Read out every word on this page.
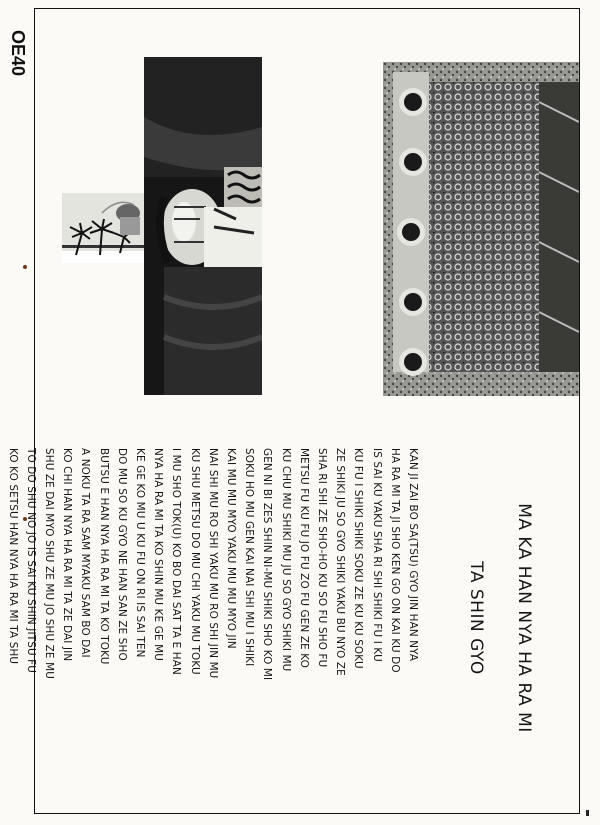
OE40

MA KA HAN NYA HA RA MI

TA SHIN GYO

KAN JI ZAI BO SA(TSU) GYO JIN HAN NYA
HA RA MI TA JI SHO KEN GO ON KAI KU DO
IS SAI KU YAKU SHA RI SHI SHIKI FU I KU
KU FU I SHIKI SHIKI SOKU ZE KU KU SOKU
ZE SHIKI JU SO GYO SHIKI YAKU BU NYO ZE
SHA RI SHI ZE SHO-HO KU SO FU SHO FU
METSU FU KU FU JO FU ZO FU GEN ZE KO
KU CHU MU SHIKI MU JU SO GYO SHIKI MU
GEN NI BI ZES SHIN NI-MU SHIKI SHO KO MI
SOKU HO MU GEN KAI NAI SHI MU I SHIKI
KAI MU MU MYO YAKU MU MU MYO JIN
NAI SHI MU RO SHI YAKU MU RO SHI JIN MU
KU SHU METSU DO MU CHI YAKU MU TOKU
I MU SHO TOK(U) KO BO DAI SAT TA E HAN
NYA HA RA MI TA KO SHIN MU KE GE MU
KE GE KO MU U KU FU ON RI IS SAI TEN
DO MU SO KU GYO NE HAN SAN ZE SHO
BUTSU E HAN NYA HA RA MI TA KO TOKU
A NOKU TA RA SAM MYAKU SAM BO DAI
KO CHI HAN NYA HA RA MI TA ZE DAI JIN
SHU ZE DAI MYO SHU ZE MU JO SHU ZE MU
TO DO SHU NO JO IS SAI KU SHIN JITSU FU
KO KO SETSU HAN NYA HA RA MI TA SHU
